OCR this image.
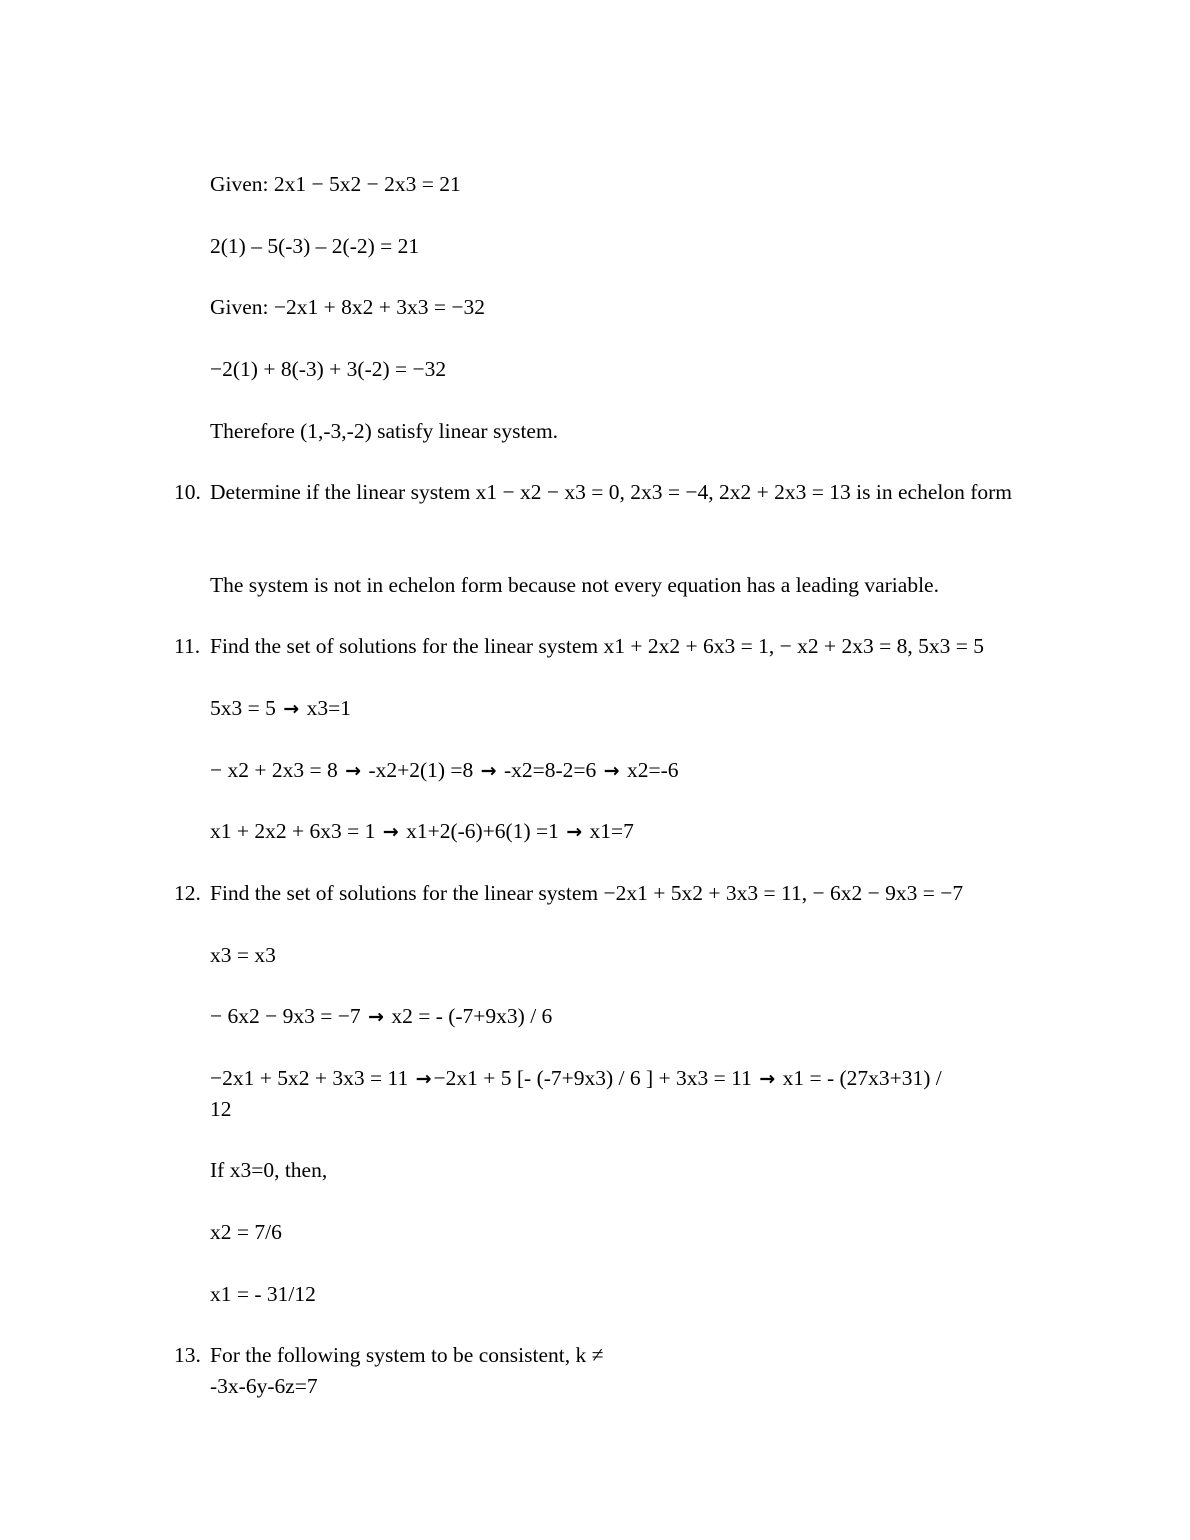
Given: 2x1 − 5x2 − 2x3 = 21
2(1) – 5(-3) – 2(-2) = 21
Given: −2x1 + 8x2 + 3x3 = −32
−2(1) + 8(-3) + 3(-2) = −32
Therefore (1,-3,-2) satisfy linear system.
10. Determine if the linear system x1 − x2 − x3 = 0, 2x3 = −4, 2x2 + 2x3 = 13 is in echelon form
The system is not in echelon form because not every equation has a leading variable.
11. Find the set of solutions for the linear system x1 + 2x2 + 6x3 = 1, − x2 + 2x3 = 8, 5x3 = 5
5x3 = 5 → x3=1
− x2 + 2x3 = 8 → -x2+2(1) =8 → -x2=8-2=6 → x2=-6
x1 + 2x2 + 6x3 = 1 → x1+2(-6)+6(1) =1 → x1=7
12. Find the set of solutions for the linear system −2x1 + 5x2 + 3x3 = 11, − 6x2 − 9x3 = −7
x3 = x3
− 6x2 − 9x3 = −7 → x2 = - (-7+9x3) / 6
−2x1 + 5x2 + 3x3 = 11 →−2x1 + 5 [- (-7+9x3) / 6 ] + 3x3 = 11 → x1 = - (27x3+31) /
12
If x3=0, then,
x2 = 7/6
x1 = - 31/12
13. For the following system to be consistent, k ≠
-3x-6y-6z=7
